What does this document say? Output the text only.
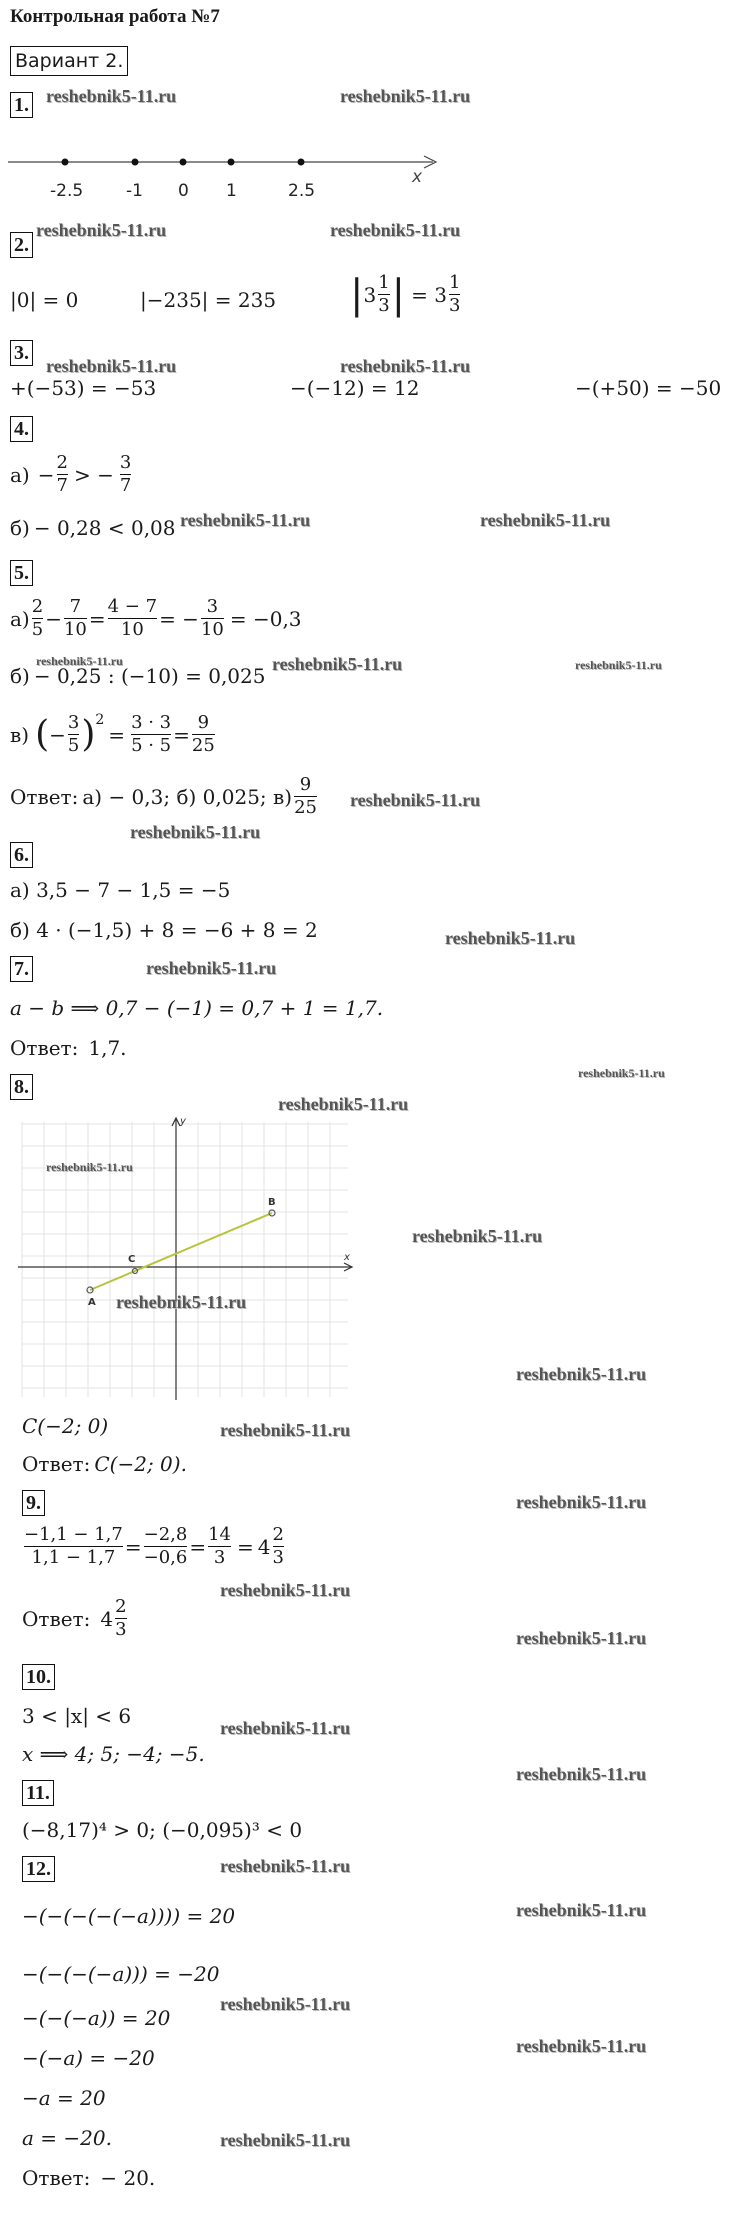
Контрольная работа №7
Вариант 2.
1. reshebnik5-11.ru	reshebnik5-11.ru
-2.5	-1 0 1	2.5
x
2.
reshebnik5-11.ru	reshebnik5-11.ru
|0| = 0	|−235| = 235 | $3 \frac{1}{3}$ | = $3 \frac{1}{3}$
3.
reshebnik5-11.ru	reshebnik5-11.ru
+(−53) = −53	−(−12) = 12	−(+50) = −50
4.
$а) - \frac{2}{7}$ > − $\frac{3}{7}$
б) − 0,28 < 0,08 reshebnik5-11.ru	reshebnik5-11.ru
5.
$а) \frac{2}{5} - \frac{7}{10} = \frac{4 - 7}{10}$ = − $\frac{3}{10} = -0,3$
б) − 0,25 : (−10) = 0,025
reshebnik5-11.ru	reshebnik5-11.ru	reshebnik5-11.ru
в) ( − $\frac{3}{5} )^2$
= $\frac{3 \cdot 3}{5 \cdot 5} = \frac{9}{25}$
Ответ: а) − 0,3; б) 0,025; $в) \frac{9}{25}$ reshebnik5-11.ru
reshebnik5-11.ru
6.
а) 3,5 − 7 − 1,5 = −5
б) 4 · (−1,5) + 8 = −6 + 8 = 2	reshebnik5-11.ru
7.	reshebnik5-11.ru
a − b ⟹ 0,7 − (−1) = 0,7 + 1 = 1,7.
Ответ: 1,7.
8.
reshebnik5-11.ru
reshebnik5-11.ru
A
B
C	x
y
reshebnik5-11.ru
reshebnik5-11.ru
reshebnik5-11.ru
reshebnik5-11.ru
C(−2; 0)	reshebnik5-11.ru
Ответ: C(−2; 0).
9.	reshebnik5-11.ru
$\frac{-1,1 - 1,7}{1,1 - 1,7} = \frac{-2,8}{-0,6} = \frac{14}{3} = 4 \frac{2}{3}$
reshebnik5-11.ru
Ответ: $4 \frac{2}{3}$	reshebnik5-11.ru
10.
3 < |x| < 6	reshebnik5-11.ru
x ⟹ 4; 5; −4; −5.
reshebnik5-11.ru
11.
(−8,17)⁴ > 0; (−0,095)³ < 0
12.	reshebnik5-11.ru
−(−(−(−(−a)))) = 20	reshebnik5-11.ru
−(−(−(−a))) = −20
reshebnik5-11.ru
−(−(−a)) = 20
reshebnik5-11.ru
−(−a) = −20
−a = 20
a = −20.	reshebnik5-11.ru
Ответ: − 20.
